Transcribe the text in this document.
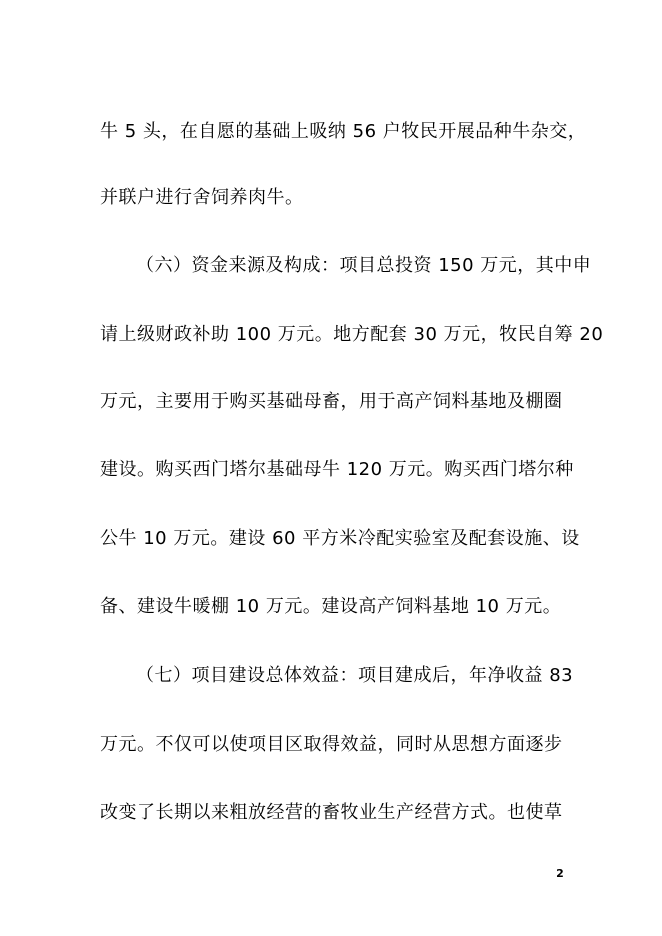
牛 5 头，在自愿的基础上吸纳 56 户牧民开展品种牛杂交，
并联户进行舍饲养肉牛。
（六）资金来源及构成：项目总投资 150 万元，其中申
请上级财政补助 100 万元。地方配套 30 万元，牧民自筹 20
万元，主要用于购买基础母畜，用于高产饲料基地及棚圈
建设。购买西门塔尔基础母牛 120 万元。购买西门塔尔种
公牛 10 万元。建设 60 平方米冷配实验室及配套设施、设
备、建设牛暖棚 10 万元。建设高产饲料基地 10 万元。
（七）项目建设总体效益：项目建成后，年净收益 83
万元。不仅可以使项目区取得效益，同时从思想方面逐步
改变了长期以来粗放经营的畜牧业生产经营方式。也使草
2
